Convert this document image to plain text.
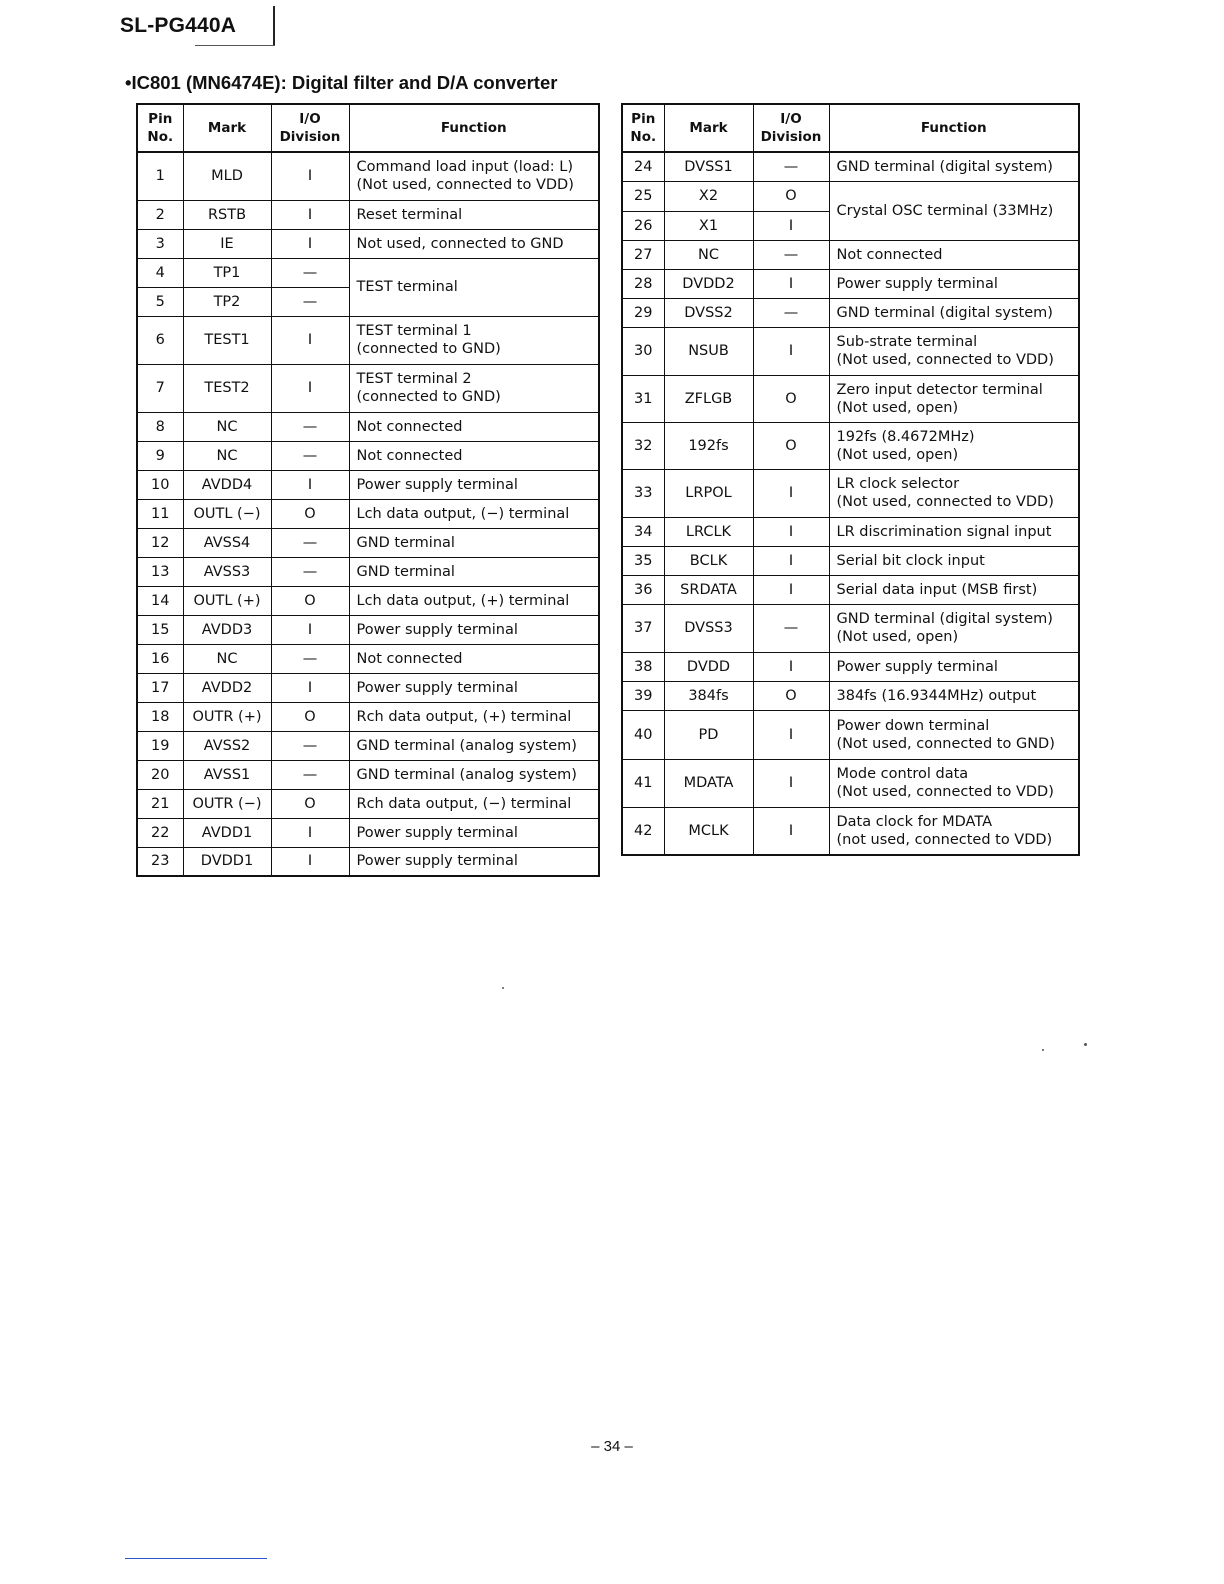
SL-PG440A
•IC801 (MN6474E): Digital filter and D/A converter
Pin
No.	Mark	I/O
Division	Function
1	MLD	I	Command load input (load: L)
(Not used, connected to VDD)

2	RSTB	I	Reset terminal

3	IE	I	Not used, connected to GND

4	TP1	—	TEST terminal

5	TP2	—	
6	TEST1	I	TEST terminal 1
(connected to GND)

7	TEST2	I	TEST terminal 2
(connected to GND)

8	NC	—	Not connected

9	NC	—	Not connected

10	AVDD4	I	Power supply terminal

11	OUTL (−)	O	Lch data output, (−) terminal

12	AVSS4	—	GND terminal

13	AVSS3	—	GND terminal

14	OUTL (+)	O	Lch data output, (+) terminal

15	AVDD3	I	Power supply terminal

16	NC	—	Not connected

17	AVDD2	I	Power supply terminal

18	OUTR (+)	O	Rch data output, (+) terminal

19	AVSS2	—	GND terminal (analog system)

20	AVSS1	—	GND terminal (analog system)

21	OUTR (−)	O	Rch data output, (−) terminal

22	AVDD1	I	Power supply terminal

23	DVDD1	I	Power supply terminal
Pin
No.	Mark	I/O
Division	Function
24	DVSS1	—	GND terminal (digital system)

25	X2	O	Crystal OSC terminal (33MHz)

26	X1	I	
27	NC	—	Not connected

28	DVDD2	I	Power supply terminal

29	DVSS2	—	GND terminal (digital system)

30	NSUB	I	Sub-strate terminal
(Not used, connected to VDD)

31	ZFLGB	O	Zero input detector terminal
(Not used, open)

32	192fs	O	192fs (8.4672MHz)
(Not used, open)

33	LRPOL	I	LR clock selector
(Not used, connected to VDD)

34	LRCLK	I	LR discrimination signal input

35	BCLK	I	Serial bit clock input

36	SRDATA	I	Serial data input (MSB first)

37	DVSS3	—	GND terminal (digital system)
(Not used, open)

38	DVDD	I	Power supply terminal

39	384fs	O	384fs (16.9344MHz) output

40	PD	I	Power down terminal
(Not used, connected to GND)

41	MDATA	I	Mode control data
(Not used, connected to VDD)

42	MCLK	I	Data clock for MDATA
(not used, connected to VDD)
– 34 –
